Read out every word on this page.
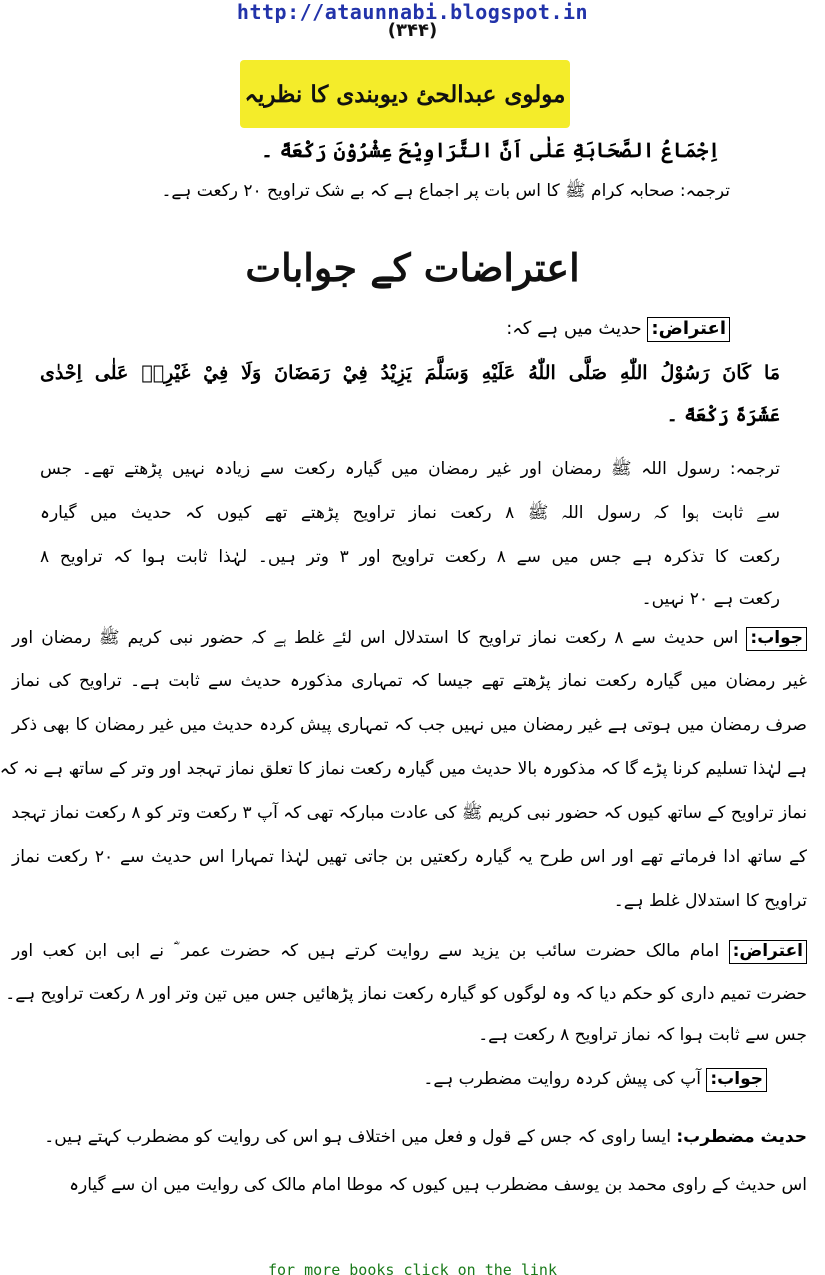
http://ataunnabi.blogspot.in
(۳۴۴)
مولوی عبدالحیٔ دیوبندی کا نظریہ
اِجْمَاعُ الصَّحَابَةِ عَلٰى اَنَّ التَّرَاوِيْحَ عِشْرُوْنَ رَكْعَةً ۔
ترجمہ: صحابہ کرام ﷺ کا اس بات پر اجماع ہے کہ بے شک تراویح ۲۰ رکعت ہے۔
اعتراضات کے جوابات
اعتراض: حدیث میں ہے کہ:
مَا كَانَ رَسُوْلُ اللّٰهِ صَلَّى اللّٰهُ عَلَيْهِ وَسَلَّمَ يَزِيْدُ فِيْ رَمَضَانَ وَلَا فِيْ غَيْرِهٖ عَلٰى اِحْدٰى
عَشَرَةَ رَكْعَةً ۔
ترجمہ: رسول اللہ ﷺ رمضان اور غیر رمضان میں گیارہ رکعت سے زیادہ نہیں پڑھتے تھے۔ جس
سے ثابت ہوا کہ رسول اللہ ﷺ ۸ رکعت نماز تراویح پڑھتے تھے کیوں کہ حدیث میں گیارہ
رکعت کا تذکرہ ہے جس میں سے ۸ رکعت تراویح اور ۳ وتر ہیں۔ لہٰذا ثابت ہوا کہ تراویح ۸
رکعت ہے ۲۰ نہیں۔
جواب: اس حدیث سے ۸ رکعت نماز تراویح کا استدلال اس لئے غلط ہے کہ حضور نبی کریم ﷺ رمضان اور
غیر رمضان میں گیارہ رکعت نماز پڑھتے تھے جیسا کہ تمہاری مذکورہ حدیث سے ثابت ہے۔ تراویح کی نماز
صرف رمضان میں ہوتی ہے غیر رمضان میں نہیں جب کہ تمہاری پیش کردہ حدیث میں غیر رمضان کا بھی ذکر
ہے لہٰذا تسلیم کرنا پڑے گا کہ مذکورہ بالا حدیث میں گیارہ رکعت نماز کا تعلق نماز تہجد اور وتر کے ساتھ ہے نہ کہ
نماز تراویح کے ساتھ کیوں کہ حضور نبی کریم ﷺ کی عادت مبارکہ تھی کہ آپ ۳ رکعت وتر کو ۸ رکعت نماز تہجد
کے ساتھ ادا فرماتے تھے اور اس طرح یہ گیارہ رکعتیں بن جاتی تھیں لہٰذا تمہارا اس حدیث سے ۲۰ رکعت نماز
تراویح کا استدلال غلط ہے۔
اعتراض: امام مالک حضرت سائب بن یزید سے روایت کرتے ہیں کہ حضرت عمر ؓ نے ابی ابن کعب اور
حضرت تمیم داری کو حکم دیا کہ وہ لوگوں کو گیارہ رکعت نماز پڑھائیں جس میں تین وتر اور ۸ رکعت تراویح ہے۔
جس سے ثابت ہوا کہ نماز تراویح ۸ رکعت ہے۔
جواب: آپ کی پیش کردہ روایت مضطرب ہے۔
حدیث مضطرب: ایسا راوی کہ جس کے قول و فعل میں اختلاف ہو اس کی روایت کو مضطرب کہتے ہیں۔
اس حدیث کے راوی محمد بن یوسف مضطرب ہیں کیوں کہ موطا امام مالک کی روایت میں ان سے گیارہ
for more books click on the link
